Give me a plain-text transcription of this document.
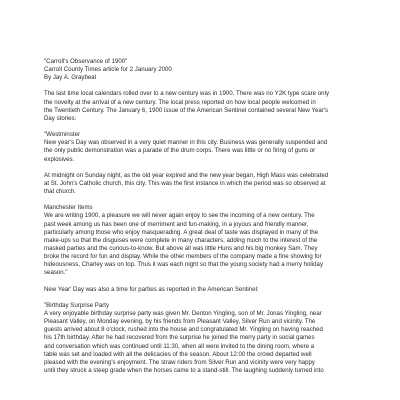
"Carroll's Observance of 1900"
Carroll County Times article for 2 January 2000
By Jay A. Graybeal
The last time local calendars rolled over to a new century was in 1900. There was no Y2K type scare only
the novelty at the arrival of a new century. The local press reported on how local people welcomed in
the Twentieth Century. The January 6, 1900 issue of the American Sentinel contained several New Year's
Day stories:
"Westminster
New year's Day was observed in a very quiet manner in this city. Business was generally suspended and
the only public demonstration was a parade of the drum corps. There was little or no firing of guns or
explosives.
At midnight on Sunday night, as the old year expired and the new year began, High Mass was celebrated
at St. John's Catholic church, this city. This was the first instance in which the period was so observed at
that church.
Manchester Items
We are writing 1900, a pleasure we will never again enjoy to see the incoming of a new century. The
past week among us has been one of merriment and fun-making, in a joyous and friendly manner,
particularly among those who enjoy masquerading. A great deal of taste was displayed in many of the
make-ups so that the disguises were complete in many characters, adding much to the interest of the
masked parties and the curious-to-know. But above all was little Huns and his big monkey Sam. They
broke the record for fun and display. While the other members of the company made a fine showing for
hideousness, Charley was on top. Thus it was each night so that the young society had a merry holiday
season."
New Year' Day was also a time for parties as reported in the American Sentinel:
"Birthday Surprise Party
A very enjoyable birthday surprise party was given Mr. Denton Yingling, son of Mr. Jonas Yingling, near
Pleasant Valley, on Monday evening, by his friends from Pleasant Valley, Silver Run and vicinity. The
guests arrived about 8 o'clock, rushed into the house and congratulated Mr. Yingling on having reached
his 17th birthday. After he had recovered from the surprise he joined the merry party in social games
and conversation which was continued until 11:30, when all were invited to the dining room, where a
table was set and loaded with all the delicacies of the season. About 12:00 the crowd departed well
pleased with the evening's enjoyment. The straw riders from Silver Run and vicinity were very happy
until they struck a steep grade when the horses came to a stand-still. The laughing suddenly turned into
